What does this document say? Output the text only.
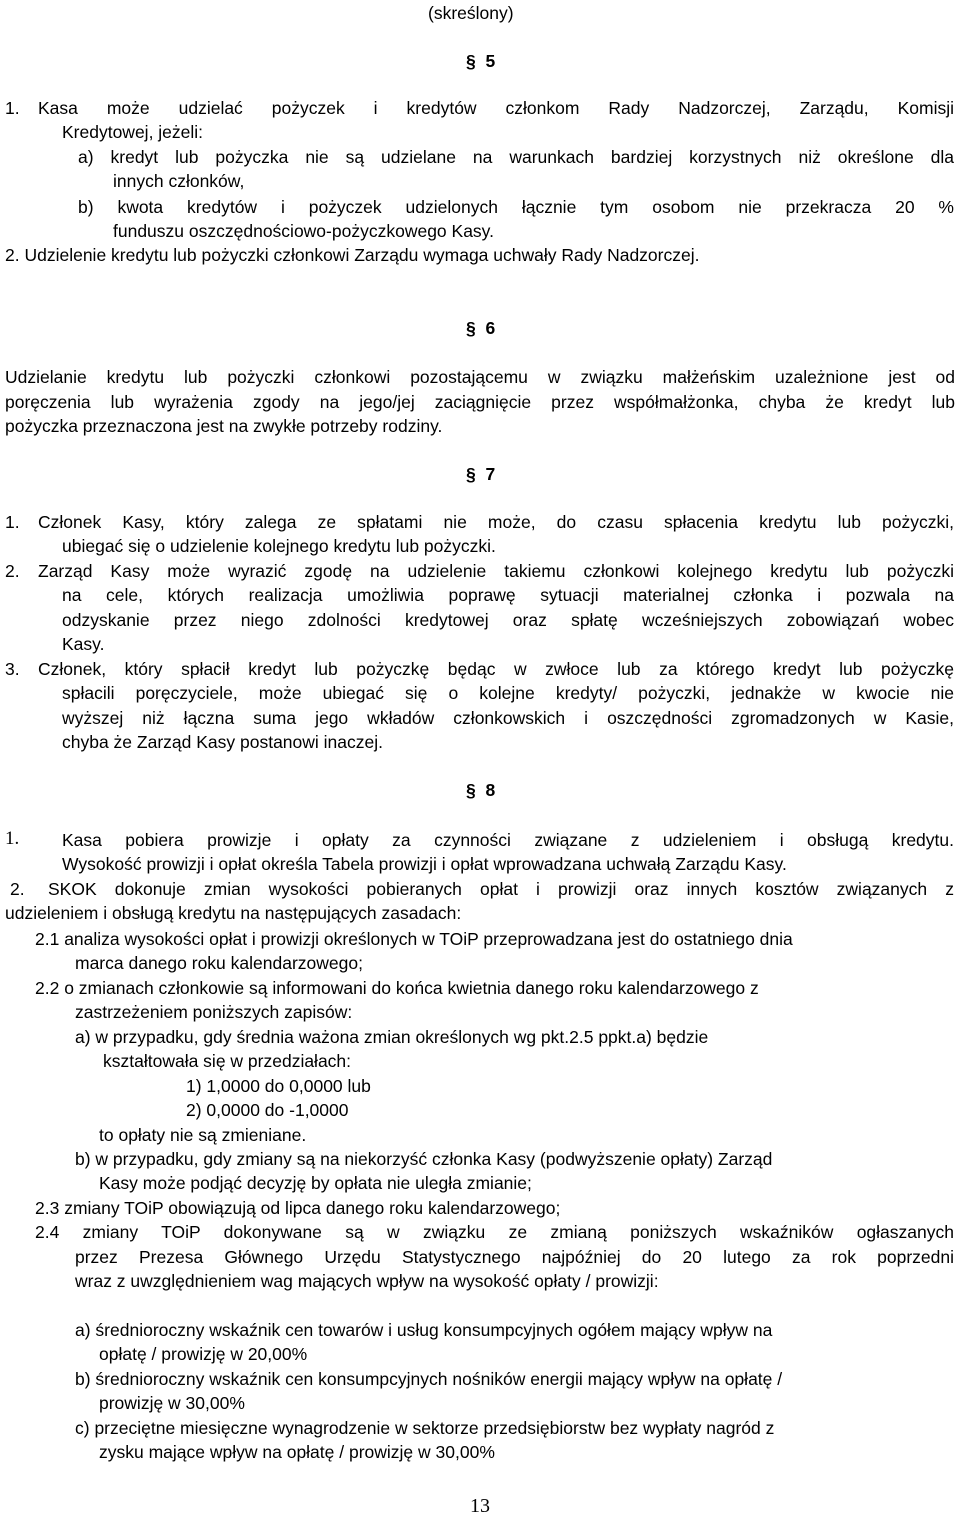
(skreślony)
§ 5
1. Kasa może udzielać pożyczek i kredytów członkom Rady Nadzorczej, Zarządu, Komisji
Kredytowej, jeżeli:
a) kredyt lub pożyczka nie są udzielane na warunkach bardziej korzystnych niż określone dla
innych członków,
b) kwota kredytów i pożyczek udzielonych łącznie tym osobom nie przekracza 20 %
funduszu oszczędnościowo-pożyczkowego Kasy.
2. Udzielenie kredytu lub pożyczki członkowi Zarządu wymaga uchwały Rady Nadzorczej.
§ 6
Udzielanie kredytu lub pożyczki członkowi pozostającemu w związku małżeńskim uzależnione jest od
poręczenia lub wyrażenia zgody na jego/jej zaciągnięcie przez współmałżonka, chyba że kredyt lub
pożyczka przeznaczona jest na zwykłe potrzeby rodziny.
§ 7
1. Członek Kasy, który zalega ze spłatami nie może, do czasu spłacenia kredytu lub pożyczki,
ubiegać się o udzielenie kolejnego kredytu lub pożyczki.
2. Zarząd Kasy może wyrazić zgodę na udzielenie takiemu członkowi kolejnego kredytu lub pożyczki
na cele, których realizacja umożliwia poprawę sytuacji materialnej członka i pozwala na
odzyskanie przez niego zdolności kredytowej oraz spłatę wcześniejszych zobowiązań wobec
Kasy.
3. Członek, który spłacił kredyt lub pożyczkę będąc w zwłoce lub za którego kredyt lub pożyczkę
spłacili poręczyciele, może ubiegać się o kolejne kredyty/ pożyczki, jednakże w kwocie nie
wyższej niż łączna suma jego wkładów członkowskich i oszczędności zgromadzonych w Kasie,
chyba że Zarząd Kasy postanowi inaczej.
§ 8
1. Kasa pobiera prowizje i opłaty za czynności związane z udzieleniem i obsługą kredytu.
Wysokość prowizji i opłat określa Tabela prowizji i opłat wprowadzana uchwałą Zarządu Kasy.
2. SKOK dokonuje zmian wysokości pobieranych opłat i prowizji oraz innych kosztów związanych z
udzieleniem i obsługą kredytu na następujących zasadach:
2.1 analiza wysokości opłat i prowizji określonych w TOiP przeprowadzana jest do ostatniego dnia
marca danego roku kalendarzowego;
2.2 o zmianach członkowie są informowani do końca kwietnia danego roku kalendarzowego z
zastrzeżeniem poniższych zapisów:
a) w przypadku, gdy średnia ważona zmian określonych wg pkt.2.5 ppkt.a) będzie
kształtowała się w przedziałach:
1) 1,0000 do 0,0000 lub
2) 0,0000 do -1,0000
to opłaty nie są zmieniane.
b) w przypadku, gdy zmiany są na niekorzyść członka Kasy (podwyższenie opłaty) Zarząd
Kasy może podjąć decyzję by opłata nie uległa zmianie;
2.3 zmiany TOiP obowiązują od lipca danego roku kalendarzowego;
2.4 zmiany TOiP dokonywane są w związku ze zmianą poniższych wskaźników ogłaszanych
przez Prezesa Głównego Urzędu Statystycznego najpóźniej do 20 lutego za rok poprzedni
wraz z uwzględnieniem wag mających wpływ na wysokość opłaty / prowizji:
a) średnioroczny wskaźnik cen towarów i usług konsumpcyjnych ogółem mający wpływ na
opłatę / prowizję w 20,00%
b) średnioroczny wskaźnik cen konsumpcyjnych nośników energii mający wpływ na opłatę /
prowizję w 30,00%
c) przeciętne miesięczne wynagrodzenie w sektorze przedsiębiorstw bez wypłaty nagród z
zysku mające wpływ na opłatę / prowizję w 30,00%
13
